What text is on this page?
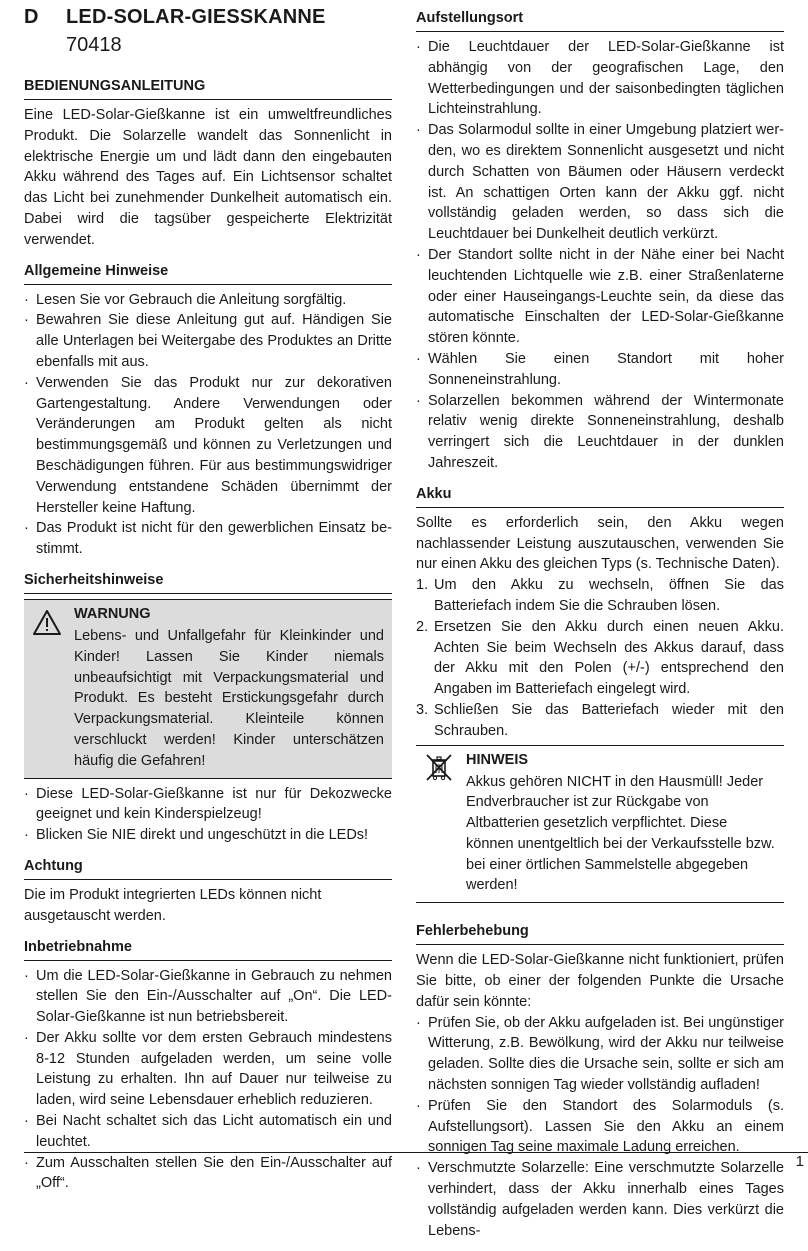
D LED-SOLAR-GIESSKANNE
70418
BEDIENUNGSANLEITUNG

Eine LED-Solar-Gießkanne ist ein umweltfreundliches Produkt. Die Solarzelle wandelt das Sonnenlicht in elektrische Energie um und lädt dann den eingebauten Akku während des Tages auf. Ein Lichtsensor schaltet das Licht bei zunehmender Dunkelheit automatisch ein. Dabei wird die tagsüber gespeicherte Elektrizität verwendet.

Allgemeine Hinweise
· Lesen Sie vor Gebrauch die Anleitung sorgfältig.
· Bewahren Sie diese Anleitung gut auf. Händigen Sie alle Unterlagen bei Weitergabe des Produktes an Dritte ebenfalls mit aus.
· Verwenden Sie das Produkt nur zur dekorativen Gartengestaltung. Andere Verwendungen oder Veränderungen am Produkt gelten als nicht bestimmungsgemäß und können zu Verletzungen und Beschädigungen führen. Für aus bestimmungswidriger Verwendung entstandene Schäden übernimmt der Hersteller keine Haftung.
· Das Produkt ist nicht für den gewerblichen Einsatz bestimmt.
Sicherheitshinweise
WARNUNG

Lebens- und Unfallgefahr für Kleinkinder und Kinder! Lassen Sie Kinder niemals unbeaufsichtigt mit Verpackungsmaterial und Produkt. Es besteht Erstickungsgefahr durch Verpackungsmaterial. Kleinteile können verschluckt werden! Kinder unterschätzen häufig die Gefahren!

· Diese LED-Solar-Gießkanne ist nur für Dekozwecke geeignet und kein Kinderspielzeug!
· Blicken Sie NIE direkt und ungeschützt in die LEDs!
Achtung

Die im Produkt integrierten LEDs können nicht ausgetauscht werden.

Inbetriebnahme
· Um die LED-Solar-Gießkanne in Gebrauch zu nehmen stellen Sie den Ein-/Ausschalter auf „On“. Die LED-Solar-Gießkanne ist nun betriebsbereit.
· Der Akku sollte vor dem ersten Gebrauch mindestens 8-12 Stunden aufgeladen werden, um seine volle Leistung zu erhalten. Ihn auf Dauer nur teilweise zu laden, wird seine Lebensdauer erheblich reduzieren.
· Bei Nacht schaltet sich das Licht automatisch ein und leuchtet.
· Zum Ausschalten stellen Sie den Ein-/Ausschalter auf „Off“.
Aufstellungsort
· Die Leuchtdauer der LED-Solar-Gießkanne ist abhängig von der geografischen Lage, den Wetterbedingungen und der saisonbedingten täglichen Lichteinstrahlung.
· Das Solarmodul sollte in einer Umgebung platziert werden, wo es direktem Sonnenlicht ausgesetzt und nicht durch Schatten von Bäumen oder Häusern verdeckt ist. An schattigen Orten kann der Akku ggf. nicht vollständig geladen werden, so dass sich die Leuchtdauer bei Dunkelheit deutlich verkürzt.
· Der Standort sollte nicht in der Nähe einer bei Nacht leuchtenden Lichtquelle wie z.B. einer Straßenlaterne oder einer Hauseingangs-Leuchte sein, da diese das automatische Einschalten der LED-Solar-Gießkanne stören könnte.
· Wählen Sie einen Standort mit hoher Sonneneinstrahlung.
· Solarzellen bekommen während der Wintermonate relativ wenig direkte Sonneneinstrahlung, deshalb verringert sich die Leuchtdauer in der dunklen Jahreszeit.
Akku

Sollte es erforderlich sein, den Akku wegen nachlassender Leistung auszutauschen, verwenden Sie nur einen Akku des gleichen Typs (s. Technische Daten).

1. Um den Akku zu wechseln, öffnen Sie das Batteriefach indem Sie die Schrauben lösen.
2. Ersetzen Sie den Akku durch einen neuen Akku. Achten Sie beim Wechseln des Akkus darauf, dass der Akku mit den Polen (+/-) entsprechend den Angaben im Batteriefach eingelegt wird.
3. Schließen Sie das Batteriefach wieder mit den Schrauben.
HINWEIS

Akkus gehören NICHT in den Hausmüll! Jeder Endverbraucher ist zur Rückgabe von Altbatterien gesetzlich verpflichtet. Diese können unentgeltlich bei der Verkaufsstelle bzw. bei einer örtlichen Sammelstelle abgegeben werden!

Fehlerbehebung

Wenn die LED-Solar-Gießkanne nicht funktioniert, prüfen Sie bitte, ob einer der folgenden Punkte die Ursache dafür sein könnte:

· Prüfen Sie, ob der Akku aufgeladen ist. Bei ungünstiger Witterung, z.B. Bewölkung, wird der Akku nur teilweise geladen. Sollte dies die Ursache sein, sollte er sich am nächsten sonnigen Tag wieder vollständig aufladen!
· Prüfen Sie den Standort des Solarmoduls (s. Aufstellungsort). Lassen Sie den Akku an einem sonnigen Tag seine maximale Ladung erreichen.
· Verschmutzte Solarzelle: Eine verschmutzte Solarzelle verhindert, dass der Akku innerhalb eines Tages vollständig aufgeladen werden kann. Dies verkürzt die Lebens-
1
